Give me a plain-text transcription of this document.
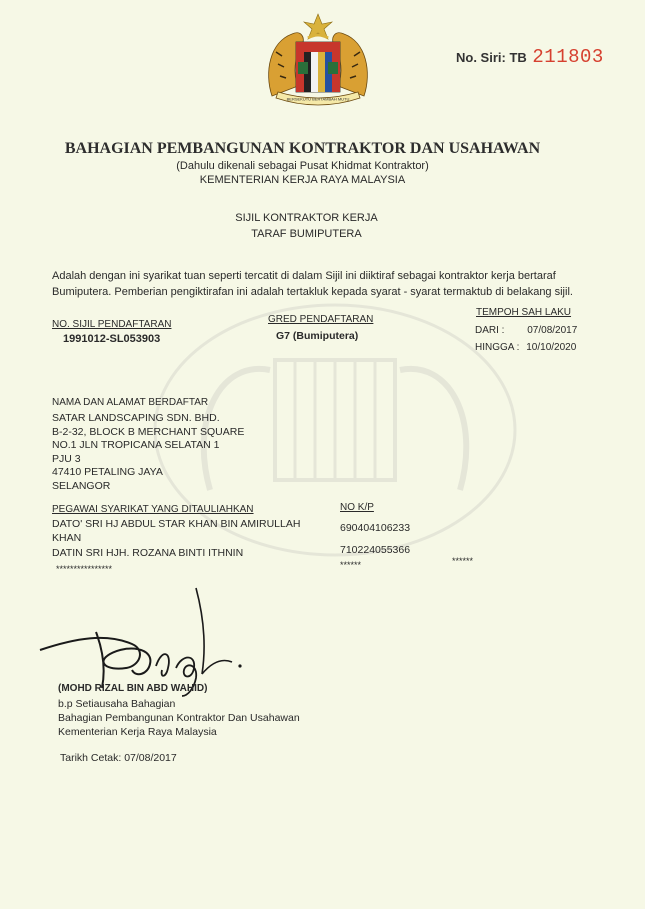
BERSEKUTU BERTAMBAH MUTU
No. Siri: TB 211803
BAHAGIAN PEMBANGUNAN KONTRAKTOR DAN USAHAWAN
(Dahulu dikenali sebagai Pusat Khidmat Kontraktor)
KEMENTERIAN KERJA RAYA MALAYSIA
SIJIL KONTRAKTOR KERJA
TARAF BUMIPUTERA
Adalah dengan ini syarikat tuan seperti tercatit di dalam Sijil ini diiktiraf sebagai kontraktor kerja bertaraf Bumiputera. Pemberian pengiktirafan ini adalah tertakluk kepada syarat - syarat termaktub di belakang sijil.
NO. SIJIL PENDAFTARAN
1991012-SL053903
GRED PENDAFTARAN
G7 (Bumiputera)
TEMPOH SAH LAKU
DARI : 07/08/2017
HINGGA : 10/10/2020
NAMA DAN ALAMAT BERDAFTAR
SATAR LANDSCAPING SDN. BHD.
B-2-32, BLOCK B MERCHANT SQUARE
NO.1 JLN TROPICANA SELATAN 1
PJU 3
47410 PETALING JAYA
SELANGOR
PEGAWAI SYARIKAT YANG DITAULIAHKAN	NO K/P
DATO' SRI HJ ABDUL STAR KHAN BIN AMIRULLAH
KHAN
690404106233
DATIN SRI HJH. ROZANA BINTI ITHNIN	710224055366
****************	******	******
(MOHD RIZAL BIN ABD WAHID)
b.p Setiausaha Bahagian
Bahagian Pembangunan Kontraktor Dan Usahawan
Kementerian Kerja Raya Malaysia
Tarikh Cetak: 07/08/2017
